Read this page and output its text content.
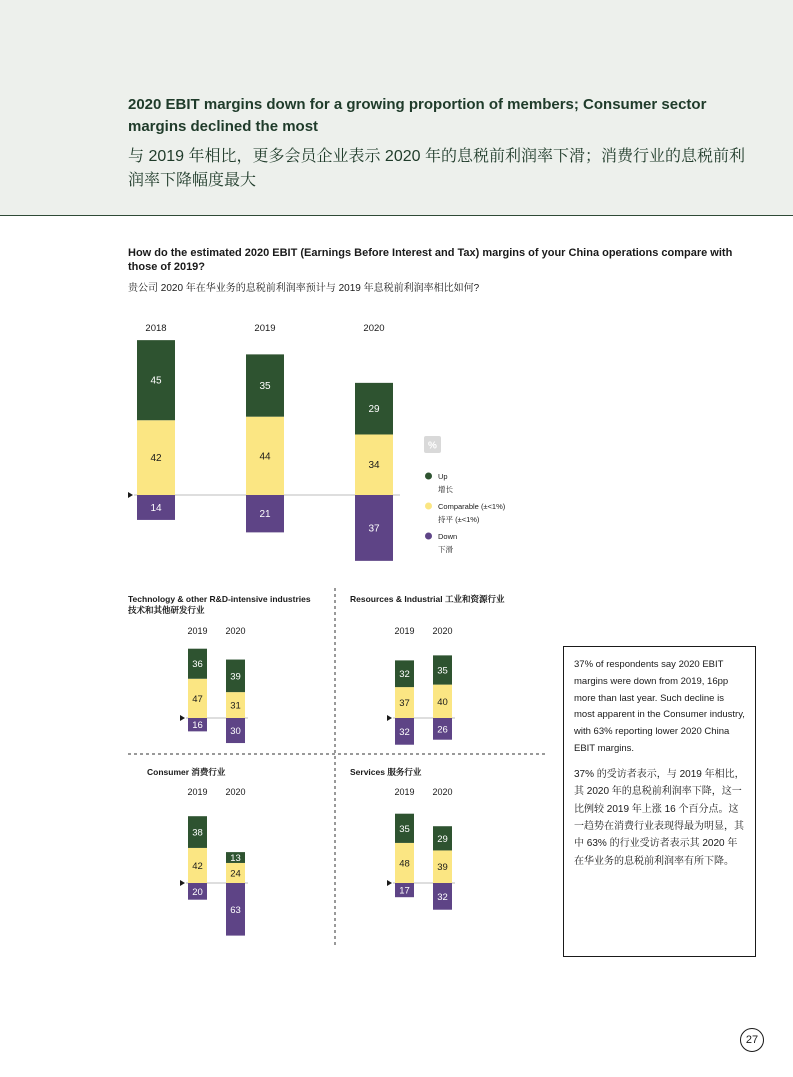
2020 EBIT margins down for a growing proportion of members; Consumer sector margins declined the most
与 2019 年相比，更多会员企业表示 2020 年的息税前利润率下滑；消费行业的息税前利润率下降幅度最大
How do the estimated 2020 EBIT (Earnings Before Interest and Tax) margins of your China operations compare with those of 2019?
贵公司 2020 年在华业务的息税前利润率预计与 2019 年息税前利润率相比如何?
2018
42
45
14
2019
44
35
21
2020
34
29
37
Technology & other R&D-intensive industries
技术和其他研发行业
2019
47
36
16
2020
31
39
30
Resources & Industrial 工业和资源行业
2019
37
32
32
2020
40
35
26
Consumer 消费行业
2019
42
38
20
2020
24
13
63
Services 服务行业
2019
48
35
17
2020
39
29
32
%
Up
增长
Comparable (±<1%)
持平 (±<1%)
Down
下滑
37% of respondents say 2020 EBIT margins were down from 2019, 16pp more than last year. Such decline is most apparent in the Consumer industry, with 63% reporting lower 2020 China EBIT margins.
37% 的受访者表示，与 2019 年相比，其 2020 年的息税前利润率下降，这一比例较 2019 年上涨 16 个百分点。这一趋势在消费行业表现得最为明显，其中 63% 的行业受访者表示其 2020 年在华业务的息税前利润率有所下降。
27
